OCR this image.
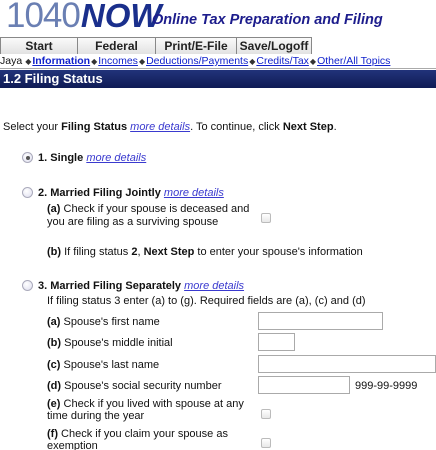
1040 NOW
Online Tax Preparation and Filing
Start	Federal	Print/E-File Save/Logoff
Jaya ◆ Information ◆ Incomes ◆ Deductions/Payments ◆ Credits/Tax ◆ Other/All Topics
1.2 Filing Status
Select your Filing Status more details. To continue, click Next Step.
1. Single more details
2. Married Filing Jointly more details
(a) Check if your spouse is deceased and
you are filing as a surviving spouse
(b) If filing status 2, Next Step to enter your spouse's information
3. Married Filing Separately more details
If filing status 3 enter (a) to (g). Required fields are (a), (c) and (d)
(a) Spouse's first name
(b) Spouse's middle initial
(c) Spouse's last name
(d) Spouse's social security number	999-99-9999
(e) Check if you lived with spouse at any
time during the year
(f) Check if you claim your spouse as
exemption
